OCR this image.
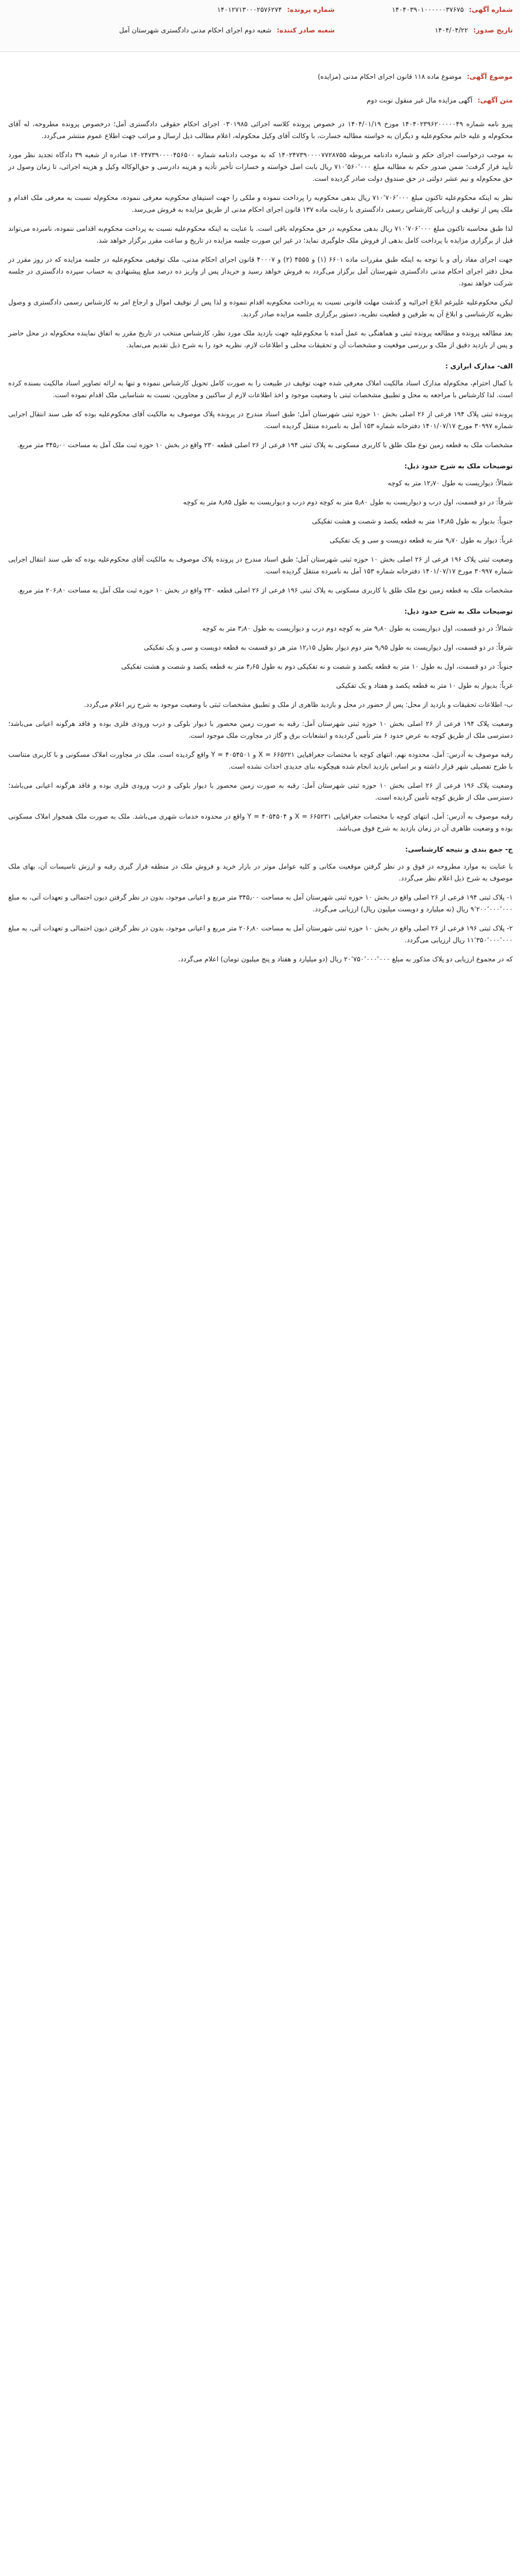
شماره آگهی: ۱۴۰۴۰۳۹۰۱۰۰۰۰۰۰۳۷۶۷۵
شماره پرونده: ۱۴۰۱۲۷۱۳۰۰۰۲۵۷۶۲۷۴
تاریخ صدور: ۱۴۰۴/۰۴/۲۲
شعبه صادر کننده: شعبه دوم اجرای احکام مدنی دادگستری شهرستان آمل
موضوع آگهی: موضوع ماده ۱۱۸ قانون اجرای احکام مدنی (مزایده)
متن آگهی: آگهی مزایده مال غیر منقول نوبت دوم

پیرو نامه شماره ۱۴۰۴۰۲۳۹۶۲۰۰۰۰۰۴۹ مورخ ۱۴۰۴/۰۱/۱۹ در خصوص پرونده کلاسه اجرائی ۰۳۰۱۹۸۵ اجرای احکام حقوقی دادگستری آمل؛ درخصوص پرونده مطروحه، له آقای محکوم‌له و علیه خانم محکوم‌علیه و دیگران به خواسته مطالبه خسارت، با وکالت آقای وکیل محکوم‌له، اعلام مطالب ذیل ارسال و مراتب جهت اطلاع عموم منتشر می‌گردد.

به موجب درخواست اجرای حکم و شماره دادنامه مربوطه ۱۴۰۲۴۷۳۹۰۰۰۰۷۷۲۸۷۵۵ که به موجب دادنامه شماره ۱۴۰۲۴۷۳۹۰۰۰۰۴۵۶۵۰۰ صادره از شعبه ۳۹ دادگاه تجدید نظر مورد تأیید قرار گرفت؛ ضمن صدور حکم به مطالبه مبلغ ۷۱۰٬۵۶۰٬۰۰۰ ریال بابت اصل خواسته و خسارات تأخیر تأدیه و هزینه دادرسی و حق‌الوکاله وکیل و هزینه اجرائی، تا زمان وصول در حق محکوم‌له و نیم عشر دولتی در حق صندوق دولت صادر گردیده است.

نظر به اینکه محکوم‌علیه تاکنون مبلغ ۷۱۰٬۷۰۶٬۰۰۰ ریال بدهی محکوم‌به را پرداخت ننموده و ملکی را جهت استیفای محکوم‌به معرفی ننموده، محکوم‌له نسبت به معرفی ملک اقدام و ملک پس از توقیف و ارزیابی کارشناس رسمی دادگستری با رعایت ماده ۱۳۷ قانون اجرای احکام مدنی از طریق مزایده به فروش می‌رسد.

لذا طبق محاسبه تاکنون مبلغ ۷۱۰٬۷۰۶٬۰۰۰ ریال بدهی محکوم‌به در حق محکوم‌له باقی است. با عنایت به اینکه محکوم‌علیه نسبت به پرداخت محکوم‌به اقدامی ننموده، نامبرده می‌تواند قبل از برگزاری مزایده با پرداخت کامل بدهی از فروش ملک جلوگیری نماید؛ در غیر این صورت جلسه مزایده در تاریخ و ساعت مقرر برگزار خواهد شد.

جهت اجرای مفاد رأی و با توجه به اینکه طبق مقررات ماده ۶۶۰۱ (۱) و ۴۵۵۵ (۲) و ۴۰۰۰۷ قانون اجرای احکام مدنی، ملک توقیفی محکوم‌علیه در جلسه مزایده که در روز مقرر در محل دفتر اجرای احکام مدنی دادگستری شهرستان آمل برگزار می‌گردد به فروش خواهد رسید و خریدار پس از واریز ده درصد مبلغ پیشنهادی به حساب سپرده دادگستری در جلسه شرکت خواهد نمود.

لیکن محکوم‌علیه علیرغم ابلاغ اجرائیه و گذشت مهلت قانونی نسبت به پرداخت محکوم‌به اقدام ننموده و لذا پس از توقیف اموال و ارجاع امر به کارشناس رسمی دادگستری و وصول نظریه کارشناسی و ابلاغ آن به طرفین و قطعیت نظریه، دستور برگزاری جلسه مزایده صادر گردید.

بعد مطالعه پرونده و مطالعه پرونده ثبتی و هماهنگی به عمل آمده با محکوم‌علیه جهت بازدید ملک مورد نظر، کارشناس منتخب در تاریخ مقرر به اتفاق نماینده محکوم‌له در محل حاضر و پس از بازدید دقیق از ملک و بررسی موقعیت و مشخصات آن و تحقیقات محلی و اطلاعات لازم، نظریه خود را به شرح ذیل تقدیم می‌نماید.

الف- مدارک ابرازی :

با کمال احترام، محکوم‌له مدارک اسناد مالکیت املاک معرفی شده جهت توقیف در طبیعت را به صورت کامل تحویل کارشناس ننموده و تنها به ارائه تصاویر اسناد مالکیت بسنده کرده است. لذا کارشناس با مراجعه به محل و تطبیق مشخصات ثبتی با وضعیت موجود و اخذ اطلاعات لازم از ساکنین و مجاورین، نسبت به شناسایی ملک اقدام نموده است.

پرونده ثبتی پلاک ۱۹۴ فرعی از ۲۶ اصلی بخش ۱۰ حوزه ثبتی شهرستان آمل؛ طبق اسناد مندرج در پرونده پلاک موصوف به مالکیت آقای محکوم‌علیه بوده که طی سند انتقال اجرایی شماره ۳۰۹۹۷ مورخ ۱۴۰۱/۰۷/۱۷ دفترخانه شماره ۱۵۳ آمل به نامبرده منتقل گردیده است.

مشخصات ملک به قطعه زمین نوع ملک طلق با کاربری مسکونی به پلاک ثبتی ۱۹۴ فرعی از ۲۶ اصلی قطعه ۲۳۰ واقع در بخش ۱۰ حوزه ثبت ملک آمل به مساحت ۳۴۵٫۰۰ متر مربع.

توضیحات ملک به شرح حدود ذیل:

شمالاً: دیواریست به طول ۱۲٫۷۰ متر به کوچه

شرقاً: در دو قسمت، اول درب و دیواریست به طول ۵٫۸۰ متر به کوچه دوم درب و دیواریست به طول ۸٫۸۵ متر به کوچه

جنوباً: بدیوار به طول ۱۴٫۸۵ متر به قطعه یکصد و شصت و هشت تفکیکی

غرباً: دیوار به طول ۹٫۷۰ متر به قطعه دویست و سی و یک تفکیکی

وضعیت ثبتی پلاک ۱۹۶ فرعی از ۲۶ اصلی بخش ۱۰ حوزه ثبتی شهرستان آمل؛ طبق اسناد مندرج در پرونده پلاک موصوف به مالکیت آقای محکوم‌علیه بوده که طی سند انتقال اجرایی شماره ۳۰۹۹۷ مورخ ۱۴۰۱/۰۷/۱۷ دفترخانه شماره ۱۵۳ آمل به نامبرده منتقل گردیده است.

مشخصات ملک به قطعه زمین نوع ملک طلق با کاربری مسکونی به پلاک ثبتی ۱۹۶ فرعی از ۲۶ اصلی قطعه ۲۳۰ واقع در بخش ۱۰ حوزه ثبت ملک آمل به مساحت ۲۰۶٫۸۰ متر مربع.

توضیحات ملک به شرح حدود ذیل:

شمالاً: در دو قسمت، اول دیواریست به طول ۹٫۸۰ متر به کوچه دوم درب و دیواریست به طول ۳٫۸۰ متر به کوچه

شرقاً: در دو قسمت، اول دیواریست به طول ۹٫۹۵ متر دوم دیوار بطول ۱۲٫۱۵ متر هر دو قسمت به قطعه دویست و سی و یک تفکیکی

جنوباً: در دو قسمت، اول به طول ۱۰ متر به قطعه یکصد و شصت و نه تفکیکی دوم به طول ۴٫۶۵ متر به قطعه یکصد و شصت و هشت تفکیکی

غرباً: بدیوار به طول ۱۰ متر به قطعه یکصد و هفتاد و یک تفکیکی

ب- اطلاعات تحقیقات و بازدید از محل: پس از حضور در محل و بازدید ظاهری از ملک و تطبیق مشخصات ثبتی با وضعیت موجود به شرح زیر اعلام می‌گردد.

وضعیت پلاک ۱۹۴ فرعی از ۲۶ اصلی بخش ۱۰ حوزه ثبتی شهرستان آمل: رقبه به صورت زمین محصور با دیوار بلوکی و درب ورودی فلزی بوده و فاقد هرگونه اعیانی می‌باشد؛ دسترسی ملک از طریق کوچه به عرض حدود ۶ متر تأمین گردیده و انشعابات برق و گاز در مجاورت ملک موجود است.

رقبه موصوف به آدرس: آمل، محدوده نهم، انتهای کوچه با مختصات جغرافیایی ۶۶۵۲۲۱ = X و ۴۰۵۴۵۰۱ = Y واقع گردیده است. ملک در مجاورت املاک مسکونی و با کاربری متناسب با طرح تفصیلی شهر قرار داشته و بر اساس بازدید انجام شده هیچگونه بنای جدیدی احداث نشده است.

وضعیت پلاک ۱۹۶ فرعی از ۲۶ اصلی بخش ۱۰ حوزه ثبتی شهرستان آمل: رقبه به صورت زمین محصور با دیوار بلوکی و درب ورودی فلزی بوده و فاقد هرگونه اعیانی می‌باشد؛ دسترسی ملک از طریق کوچه تأمین گردیده است.

رقبه موصوف به آدرس: آمل، انتهای کوچه با مختصات جغرافیایی ۶۶۵۲۳۱ = X و ۴۰۵۴۵۰۴ = Y واقع در محدوده خدمات شهری می‌باشد. ملک به صورت ملک همجوار املاک مسکونی بوده و وضعیت ظاهری آن در زمان بازدید به شرح فوق می‌باشد.

ج- جمع بندی و نتیجه کارشناسی:

با عنایت به موارد مطروحه در فوق و در نظر گرفتن موقعیت مکانی و کلیه عوامل موثر در بازار خرید و فروش ملک در منطقه قرار گیری رقبه و ارزش تاسیسات آن، بهای ملک موصوف به شرح ذیل اعلام نظر می‌گردد.

۱- پلاک ثبتی ۱۹۴ فرعی از ۲۶ اصلی واقع در بخش ۱۰ حوزه ثبتی شهرستان آمل به مساحت ۳۴۵٫۰۰ متر مربع و اعیانی موجود، بدون در نظر گرفتن دیون احتمالی و تعهدات آتی، به مبلغ ۹٬۲۰۰٬۰۰۰٬۰۰۰ ریال (نه میلیارد و دویست میلیون ریال) ارزیابی می‌گردد.

۲- پلاک ثبتی ۱۹۶ فرعی از ۲۶ اصلی واقع در بخش ۱۰ حوزه ثبتی شهرستان آمل به مساحت ۲۰۶٫۸۰ متر مربع و اعیانی موجود، بدون در نظر گرفتن دیون احتمالی و تعهدات آتی، به مبلغ ۱۱٬۳۵۰٬۰۰۰٬۰۰۰ ریال ارزیابی می‌گردد.

که در مجموع ارزیابی دو پلاک مذکور به مبلغ ۲۰٬۷۵۰٬۰۰۰٬۰۰۰ ریال (دو میلیارد و هفتاد و پنج میلیون تومان) اعلام می‌گردد.
